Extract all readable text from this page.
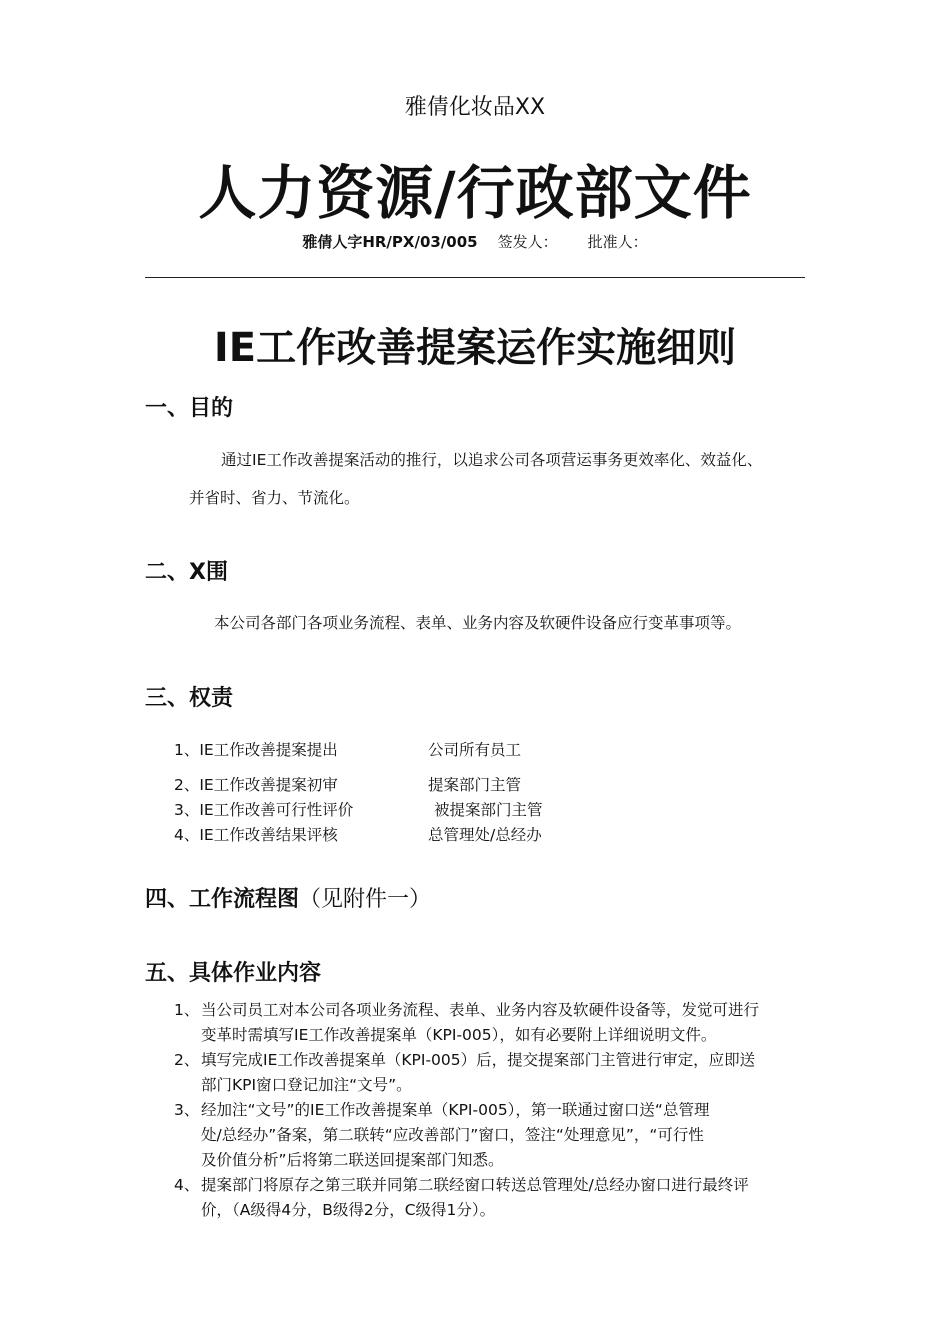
雅倩化妆品XX
人力资源/行政部文件
雅倩人字HR/PX/03/005 签发人： 批准人：
IE工作改善提案运作实施细则
一、目的
通过IE工作改善提案活动的推行，以追求公司各项营运事务更效率化、效益化、
并省时、省力、节流化。
二、X围
本公司各部门各项业务流程、表单、业务内容及软硬件设备应行变革事项等。
三、权责
1、IE工作改善提案提出	公司所有员工
2、IE工作改善提案初审	提案部门主管
3、IE工作改善可行性评价	被提案部门主管
4、IE工作改善结果评核	总管理处/总经办
四、工作流程图（见附件一）
五、具体作业内容
1、 当公司员工对本公司各项业务流程、表单、业务内容及软硬件设备等，发觉可进行
变革时需填写IE工作改善提案单（KPI-005），如有必要附上详细说明文件。
2、 填写完成IE工作改善提案单（KPI-005）后，提交提案部门主管进行审定，应即送
部门KPI窗口登记加注“文号”。
3、 经加注“文号”的IE工作改善提案单（KPI-005），第一联通过窗口送“总管理
处/总经办”备案，第二联转“应改善部门”窗口，签注“处理意见”，“可行性
及价值分析”后将第二联送回提案部门知悉。
4、 提案部门将原存之第三联并同第二联经窗口转送总管理处/总经办窗口进行最终评
价，（A级得4分，B级得2分，C级得1分）。
